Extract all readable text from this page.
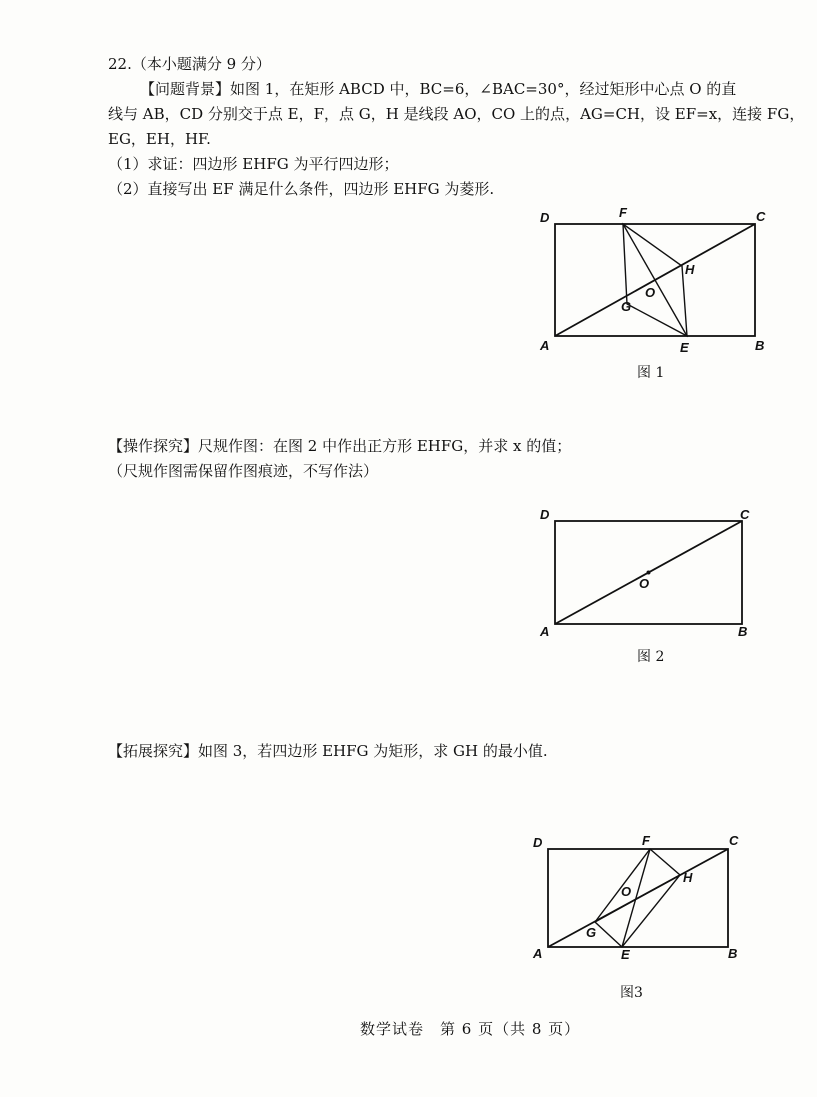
22.（本小题满分 9 分）
【问题背景】如图 1，在矩形 ABCD 中，BC=6，∠BAC=30°，经过矩形中心点 O 的直
线与 AB，CD 分别交于点 E，F，点 G，H 是线段 AO，CO 上的点，AG=CH，设 EF=x，连接 FG，
EG，EH，HF.
（1）求证：四边形 EHFG 为平行四边形；
（2）直接写出 EF 满足什么条件，四边形 EHFG 为菱形.
D	F	C
H
O
G
A	E	B
图 1
【操作探究】尺规作图：在图 2 中作出正方形 EHFG，并求 x 的值；
（尺规作图需保留作图痕迹，不写作法）
D	C
O
A	B
图 2
【拓展探究】如图 3，若四边形 EHFG 为矩形，求 GH 的最小值.
D	F	C
H
O
G
A	E	B
图3
数学试卷　第 6 页（共 8 页）
